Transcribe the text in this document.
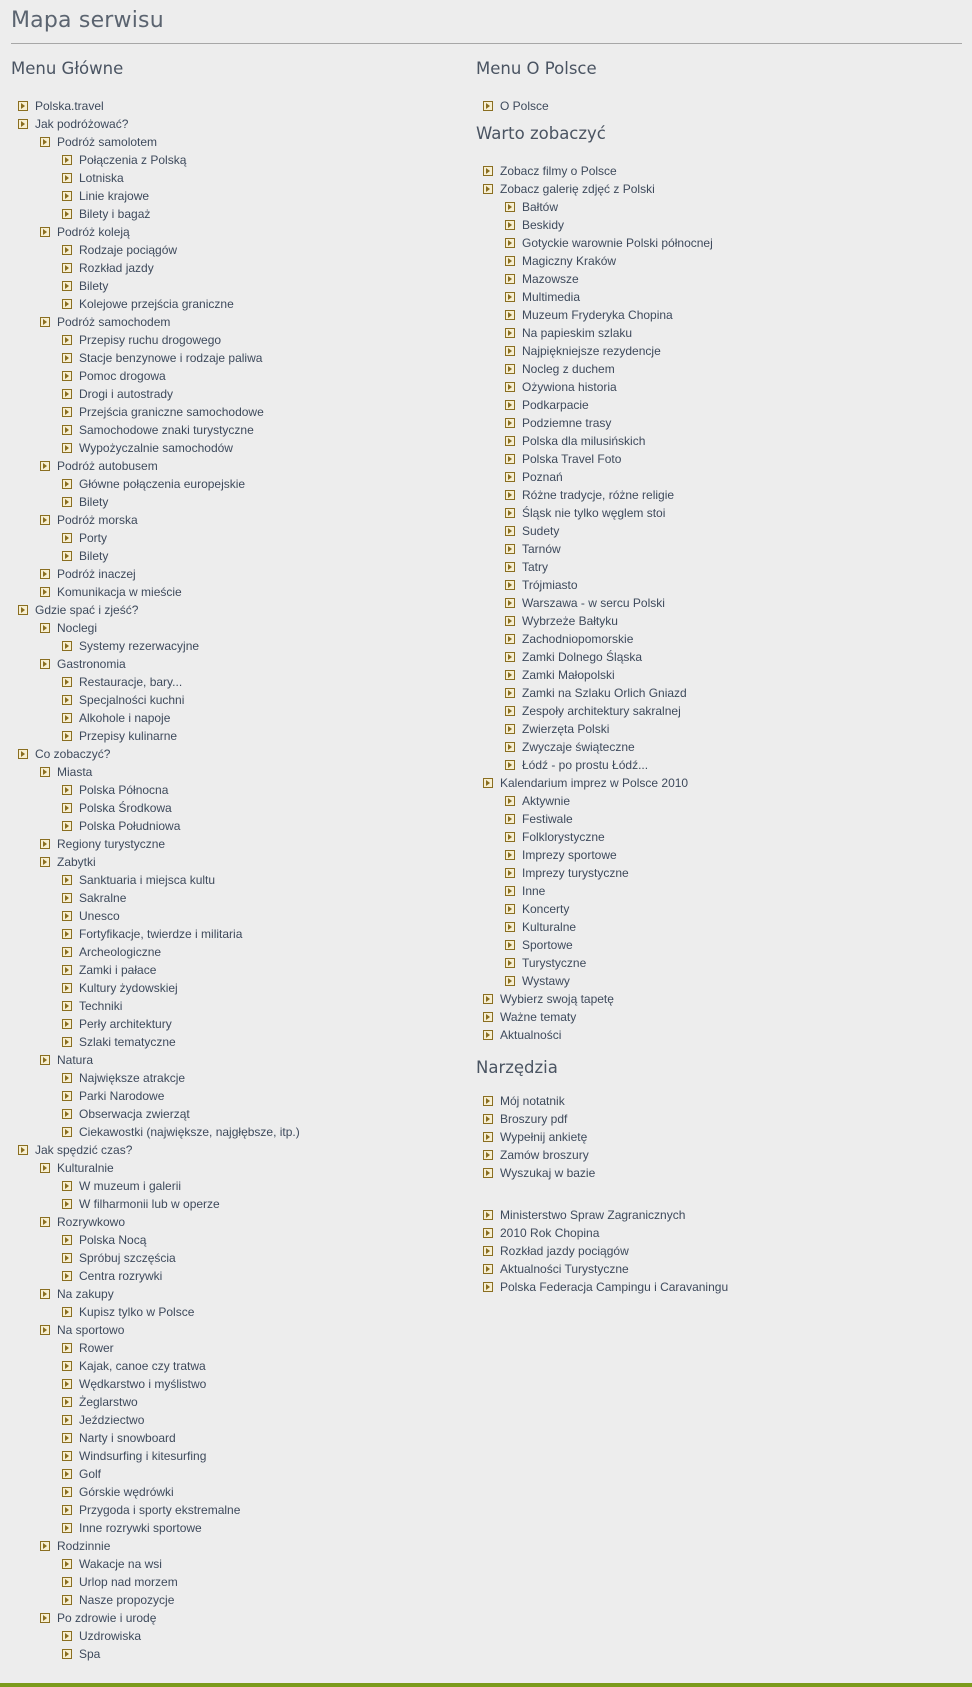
Mapa serwisu
Menu Główne
Polska.travel
Jak podróżować?
Podróż samolotem
Połączenia z Polską
Lotniska
Linie krajowe
Bilety i bagaż
Podróż koleją
Rodzaje pociągów
Rozkład jazdy
Bilety
Kolejowe przejścia graniczne
Podróż samochodem
Przepisy ruchu drogowego
Stacje benzynowe i rodzaje paliwa
Pomoc drogowa
Drogi i autostrady
Przejścia graniczne samochodowe
Samochodowe znaki turystyczne
Wypożyczalnie samochodów
Podróż autobusem
Główne połączenia europejskie
Bilety
Podróż morska
Porty
Bilety
Podróż inaczej
Komunikacja w mieście
Gdzie spać i zjeść?
Noclegi
Systemy rezerwacyjne
Gastronomia
Restauracje, bary...
Specjalności kuchni
Alkohole i napoje
Przepisy kulinarne
Co zobaczyć?
Miasta
Polska Północna
Polska Środkowa
Polska Południowa
Regiony turystyczne
Zabytki
Sanktuaria i miejsca kultu
Sakralne
Unesco
Fortyfikacje, twierdze i militaria
Archeologiczne
Zamki i pałace
Kultury żydowskiej
Techniki
Perły architektury
Szlaki tematyczne
Natura
Największe atrakcje
Parki Narodowe
Obserwacja zwierząt
Ciekawostki (największe, najgłębsze, itp.)
Jak spędzić czas?
Kulturalnie
W muzeum i galerii
W filharmonii lub w operze
Rozrywkowo
Polska Nocą
Spróbuj szczęścia
Centra rozrywki
Na zakupy
Kupisz tylko w Polsce
Na sportowo
Rower
Kajak, canoe czy tratwa
Wędkarstwo i myślistwo
Żeglarstwo
Jeździectwo
Narty i snowboard
Windsurfing i kitesurfing
Golf
Górskie wędrówki
Przygoda i sporty ekstremalne
Inne rozrywki sportowe
Rodzinnie
Wakacje na wsi
Urlop nad morzem
Nasze propozycje
Po zdrowie i urodę
Uzdrowiska
Spa
Menu O Polsce
O Polsce
Warto zobaczyć
Zobacz filmy o Polsce
Zobacz galerię zdjęć z Polski
Bałtów
Beskidy
Gotyckie warownie Polski północnej
Magiczny Kraków
Mazowsze
Multimedia
Muzeum Fryderyka Chopina
Na papieskim szlaku
Najpiękniejsze rezydencje
Nocleg z duchem
Ożywiona historia
Podkarpacie
Podziemne trasy
Polska dla milusińskich
Polska Travel Foto
Poznań
Różne tradycje, różne religie
Śląsk nie tylko węglem stoi
Sudety
Tarnów
Tatry
Trójmiasto
Warszawa - w sercu Polski
Wybrzeże Bałtyku
Zachodniopomorskie
Zamki Dolnego Śląska
Zamki Małopolski
Zamki na Szlaku Orlich Gniazd
Zespoły architektury sakralnej
Zwierzęta Polski
Zwyczaje świąteczne
Łódź - po prostu Łódź...
Kalendarium imprez w Polsce 2010
Aktywnie
Festiwale
Folklorystyczne
Imprezy sportowe
Imprezy turystyczne
Inne
Koncerty
Kulturalne
Sportowe
Turystyczne
Wystawy
Wybierz swoją tapetę
Ważne tematy
Aktualności
Narzędzia
Mój notatnik
Broszury pdf
Wypełnij ankietę
Zamów broszury
Wyszukaj w bazie
Ministerstwo Spraw Zagranicznych
2010 Rok Chopina
Rozkład jazdy pociągów
Aktualności Turystyczne
Polska Federacja Campingu i Caravaningu
